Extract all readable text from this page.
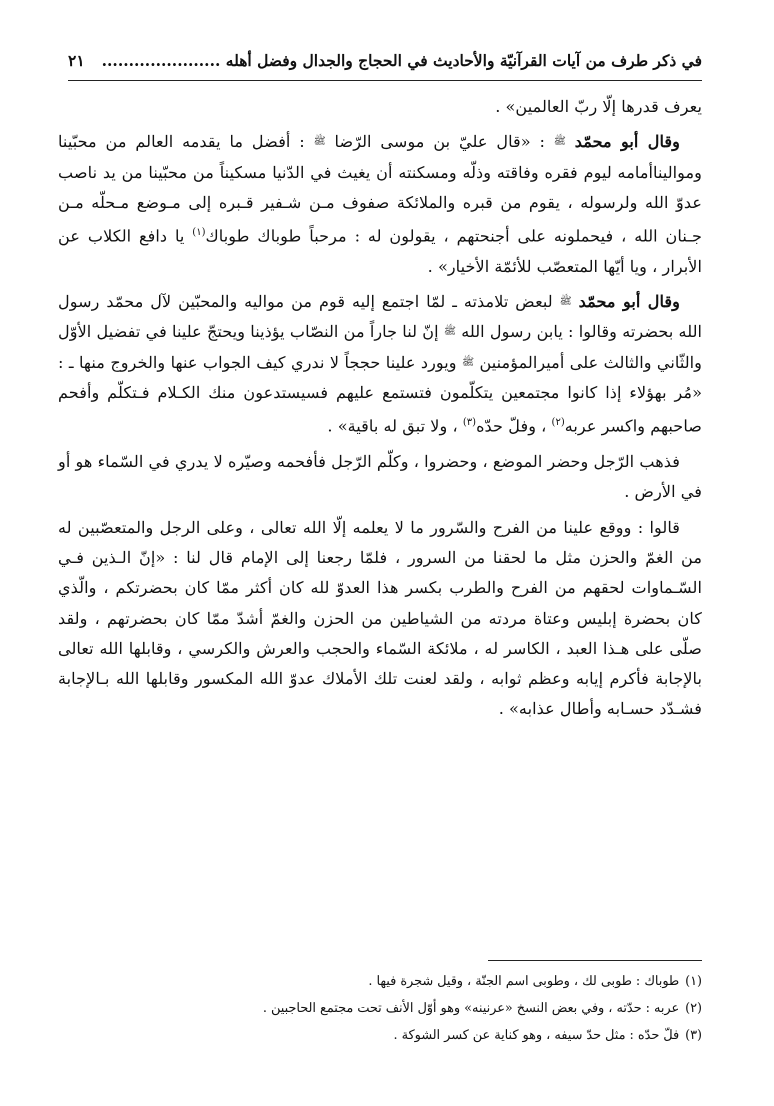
في ذكر طرف من آيات القرآنيّة والأحاديث في الحجاج والجدال وفضل أهله ......................
٢١

يعرف قدرها إلّا ربّ العالمين» .

وقال أبو محمّد ﷺ : «قال عليّ بن موسى الرّضا ﷺ : أفضل ما يقدمه العالم من محبّينا ومواليناأمامه ليوم فقره وفاقته وذلّه ومسكنته أن يغيث في الدّنيا مسكيناً من محبّينا من يد ناصب عدوّ الله ولرسوله ، يقوم من قبره والملائكة صفوف مـن شـفير قـبره إلى مـوضع مـحلّه مـن جـنان الله ، فيحملونه على أجنحتهم ، يقولون له : مرحباً طوباك طوباك$^{(١)}$ يا دافع الكلاب عن الأبرار ، ويا أيّها المتعصّب للأئمّة الأخيار» .

وقال أبو محمّد ﷺ لبعض تلامذته ـ لمّا اجتمع إليه قوم من مواليه والمحبّين لآل محمّد رسول الله بحضرته وقالوا : يابن رسول الله ﷺ إنّ لنا جاراً من النصّاب يؤذينا ويحتجّ علينا في تفضيل الأوّل والثّاني والثالث على أميرالمؤمنين ﷺ ويورد علينا حججاً لا ندري كيف الجواب عنها والخروج منها ـ : «مُر بهؤلاء إذا كانوا مجتمعين يتكلّمون فتستمع عليهم فسيستدعون منك الكـلام فـتكلّم وأفحم صاحبهم واكسر عربه$^{(٢)}$ ، وفلّ حدّه$^{(٣)}$ ، ولا تبق له باقية» .

فذهب الرّجل وحضر الموضع ، وحضروا ، وكلّم الرّجل فأفحمه وصيّره لا يدري في السّماء هو أو في الأرض .

قالوا : ووقع علينا من الفرح والسّرور ما لا يعلمه إلّا الله تعالى ، وعلى الرجل والمتعصّبين له من الغمّ والحزن مثل ما لحقنا من السرور ، فلمّا رجعنا إلى الإمام قال لنا : «إنّ الـذين فـي السّـماوات لحقهم من الفرح والطرب بكسر هذا العدوّ لله كان أكثر ممّا كان بحضرتكم ، والّذي كان بحضرة إبليس وعتاة مردته من الشياطين من الحزن والغمّ أشدّ ممّا كان بحضرتهم ، ولقد صلّى على هـذا العبد ، الكاسر له ، ملائكة السّماء والحجب والعرش والكرسي ، وقابلها الله تعالى بالإجابة فأكرم إيابه وعظم ثوابه ، ولقد لعنت تلك الأملاك عدوّ الله المكسور وقابلها الله بـالإجابة فشـدّد حسـابه وأطال عذابه» .

(١)طوباك : طوبى لك ، وطوبى اسم الجنّة ، وقيل شجرة فيها .
(٢)عربه : حدّته ، وفي بعض النسخ «عرنينه» وهو أوّل الأنف تحت مجتمع الحاجبين .
(٣)فلّ حدّه : مثل حدّ سيفه ، وهو كناية عن كسر الشوكة .
